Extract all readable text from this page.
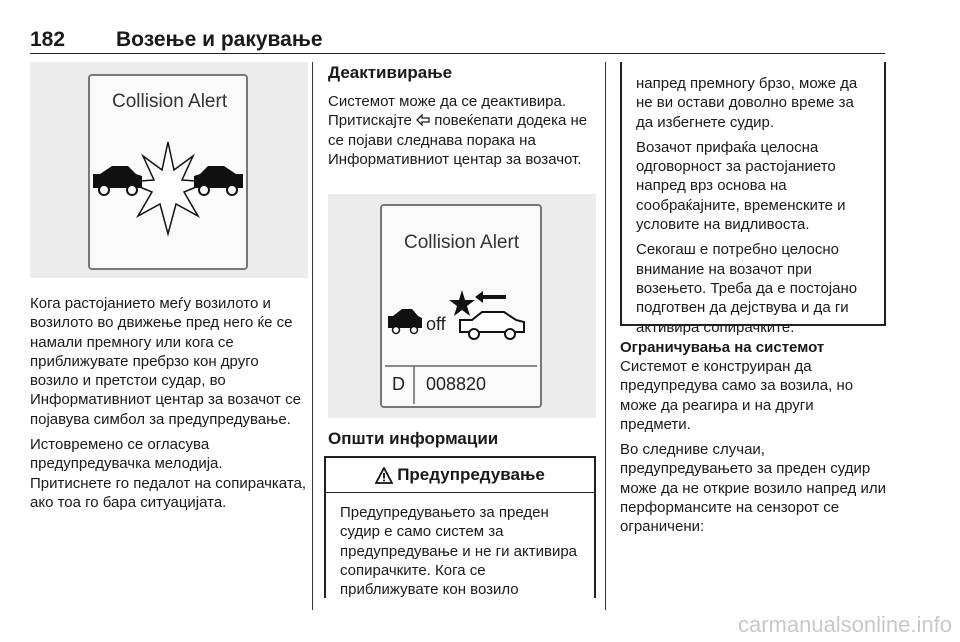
182 Возење и ракување
Collision Alert

Кога растојанието меѓу возилото и возилото во движење пред него ќе се намали премногу или кога се приближувате пребрзо кон друго возило и претстои судар, во Информативниот центар за возачот се појавува симбол за предупредување.

Истовремено се огласува предупредувачка мелодија. Притиснете го педалот на сопирачката, ако тоа го бара ситуацијата.

Деактивирање

Системот може да се деактивира. Притискајте  повеќепати додека не се појави следнава порака на Информативниот центар за возачот.

Collision Alert
off
D 008820
Општи информации
Предупредување

Предупредувањето за преден судир е само систем за предупредување и не ги активира сопирачките. Кога се приближувате кон возило

напред премногу брзо, може да не ви остави доволно време за да избегнете судир.

Возачот прифаќа целосна одговорност за растојанието напред врз основа на сообраќајните, временските и условите на видливоста.

Секогаш е потребно целосно внимание на возачот при возењето. Треба да е постојано подготвен да дејствува и да ги активира сопирачките.

Ограничувања на системот

Системот е конструиран да предупредува само за возила, но може да реагира и на други предмети.

Во следниве случаи, предупредувањето за преден судир може да не открие возило напред или перформансите на сензорот се ограничени:

carmanualsonline.info
